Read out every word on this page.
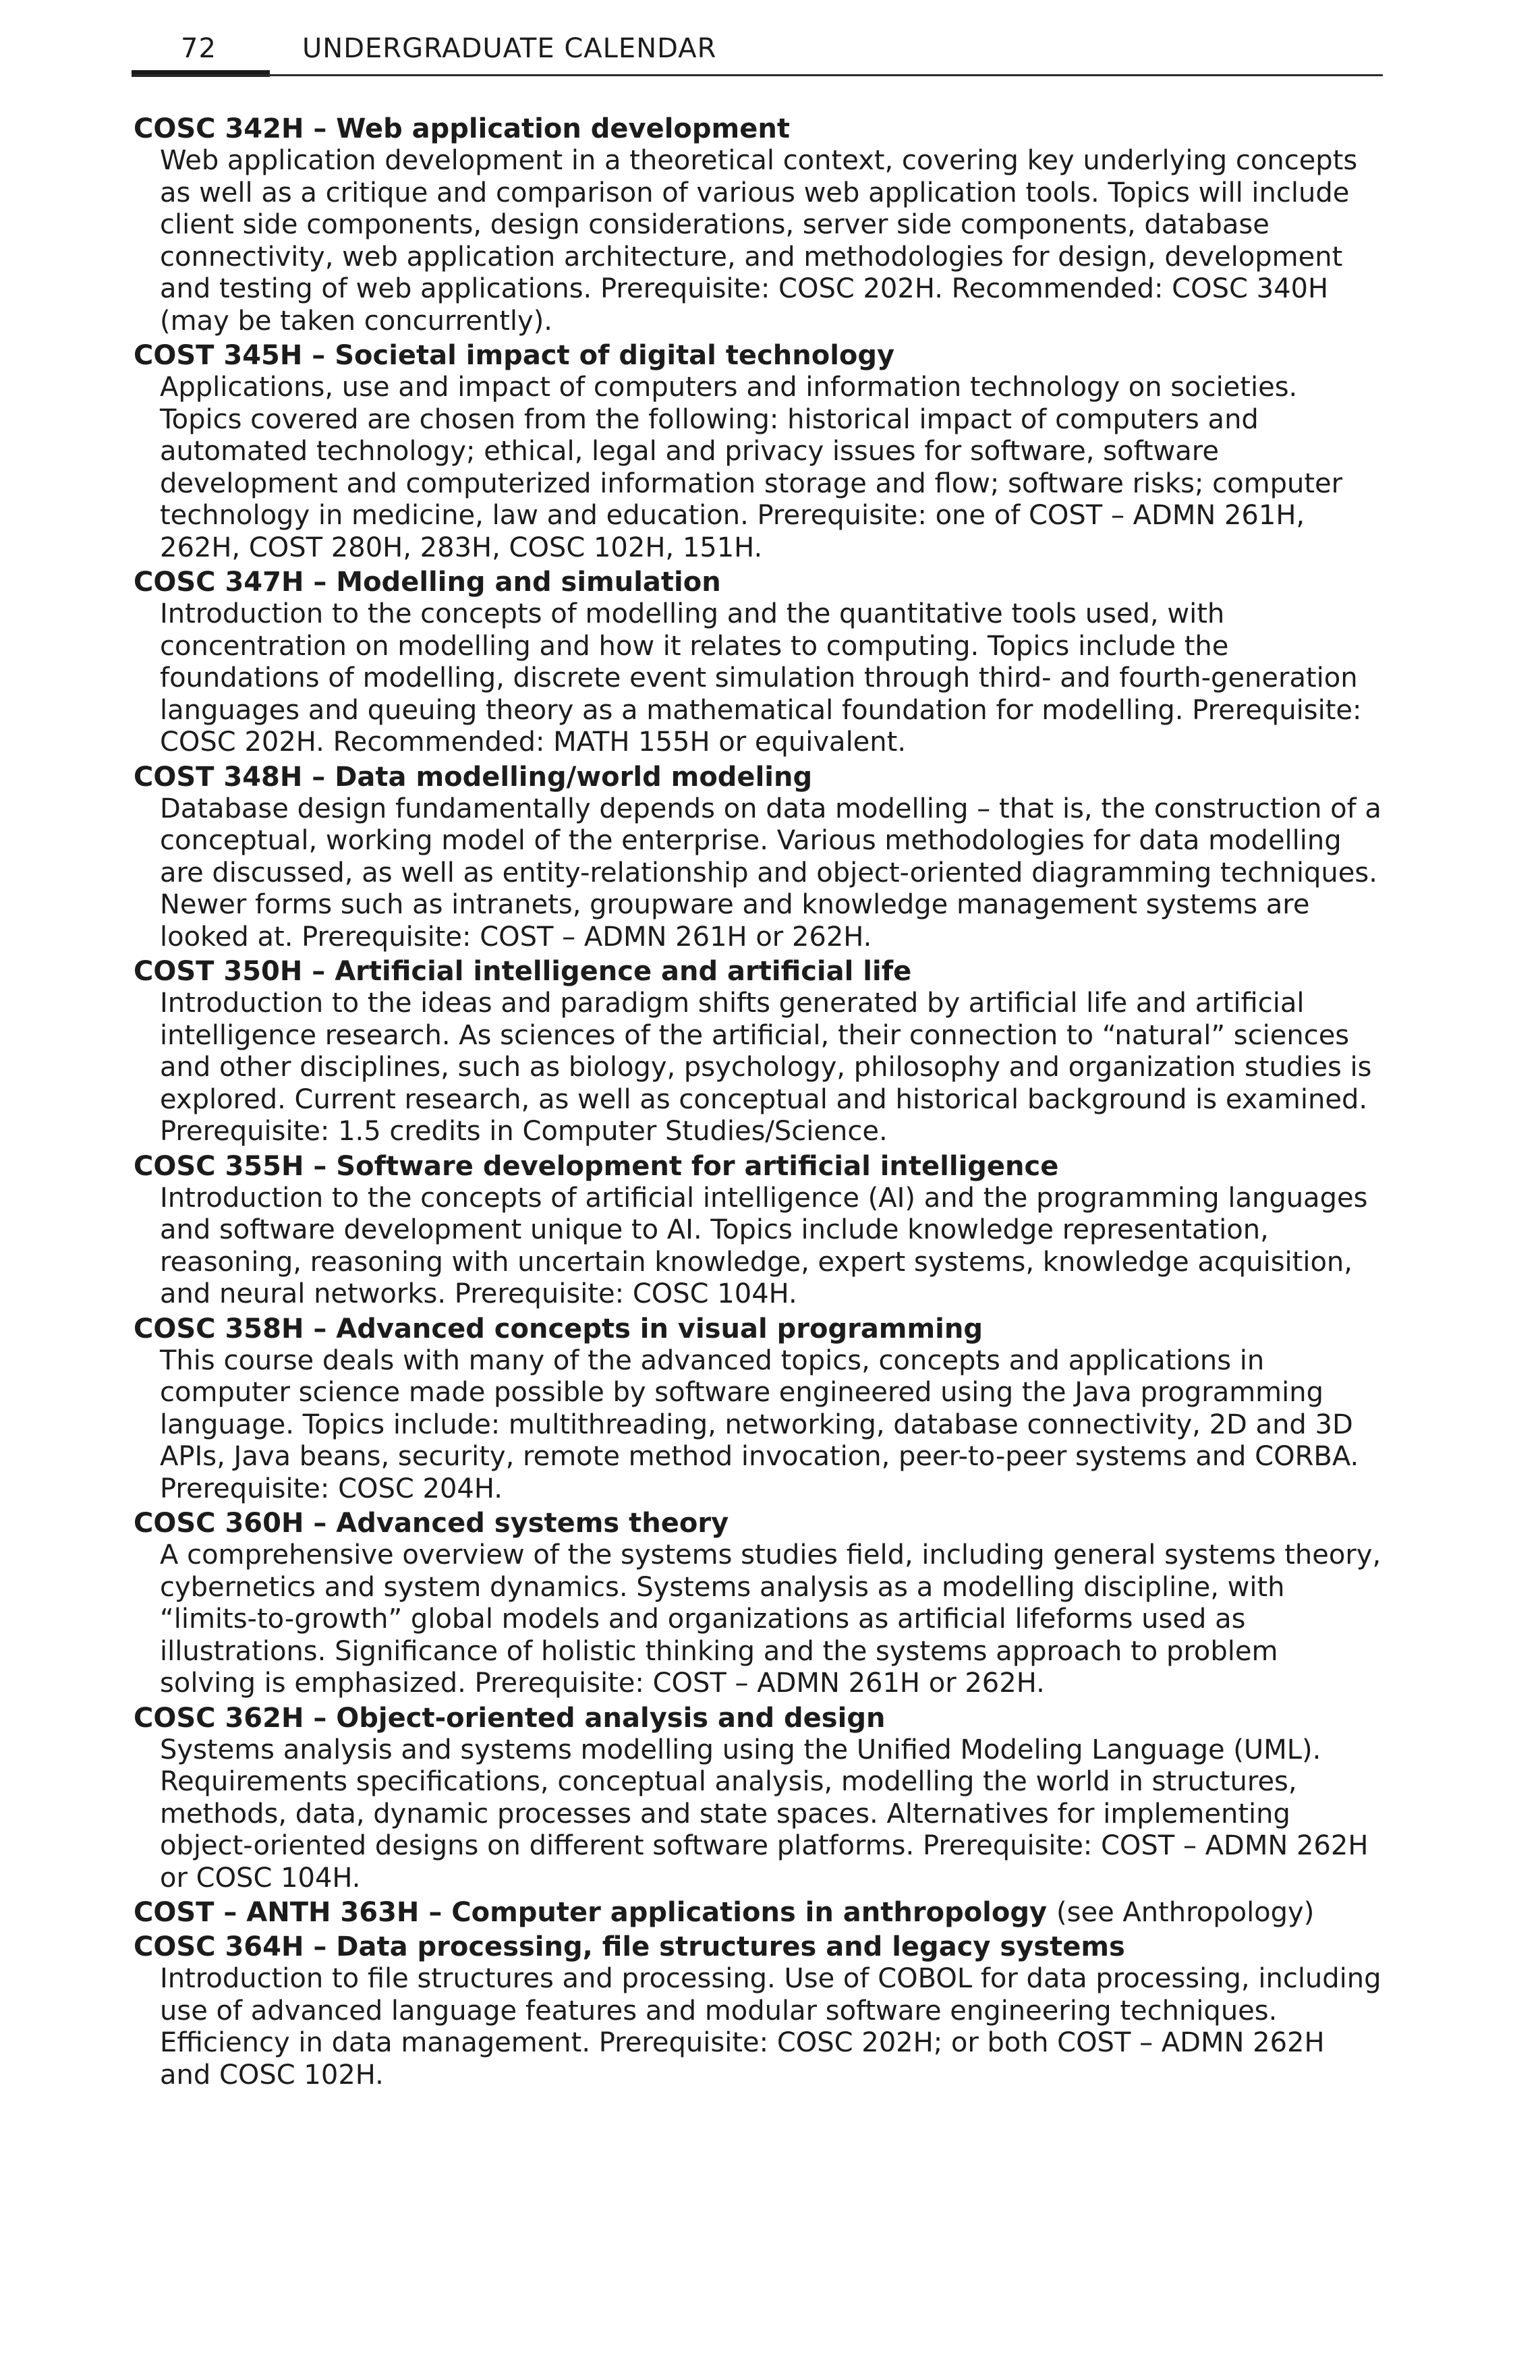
72	UNDERGRADUATE CALENDAR

COSC 342H – Web application development

Web application development in a theoretical context, covering key underlying concepts as well as a critique and comparison of various web application tools. Topics will include client side components, design considerations, server side components, database connectivity, web application architecture, and methodologies for design, development and testing of web applications. Prerequisite: COSC 202H. Recommended: COSC 340H (may be taken concurrently).

COST 345H – Societal impact of digital technology

Applications, use and impact of computers and information technology on societies. Topics covered are chosen from the following: historical impact of computers and automated technology; ethical, legal and privacy issues for software, software development and computerized information storage and flow; software risks; computer technology in medicine, law and education. Prerequisite: one of COST – ADMN 261H, 262H, COST 280H, 283H, COSC 102H, 151H.

COSC 347H – Modelling and simulation

Introduction to the concepts of modelling and the quantitative tools used, with concentration on modelling and how it relates to computing. Topics include the foundations of modelling, discrete event simulation through third- and fourth-generation languages and queuing theory as a mathematical foundation for modelling. Prerequisite: COSC 202H. Recommended: MATH 155H or equivalent.

COST 348H – Data modelling/world modeling

Database design fundamentally depends on data modelling – that is, the construction of a conceptual, working model of the enterprise. Various methodologies for data modelling are discussed, as well as entity-relationship and object-oriented diagramming techniques. Newer forms such as intranets, groupware and knowledge management systems are looked at. Prerequisite: COST – ADMN 261H or 262H.

COST 350H – Artificial intelligence and artificial life

Introduction to the ideas and paradigm shifts generated by artificial life and artificial intelligence research. As sciences of the artificial, their connection to “natural” sciences and other disciplines, such as biology, psychology, philosophy and organization studies is explored. Current research, as well as conceptual and historical background is examined. Prerequisite: 1.5 credits in Computer Studies/Science.

COSC 355H – Software development for artificial intelligence

Introduction to the concepts of artificial intelligence (AI) and the programming languages and software development unique to AI. Topics include knowledge representation, reasoning, reasoning with uncertain knowledge, expert systems, knowledge acquisition, and neural networks. Prerequisite: COSC 104H.

COSC 358H – Advanced concepts in visual programming

This course deals with many of the advanced topics, concepts and applications in computer science made possible by software engineered using the Java programming language. Topics include: multithreading, networking, database connectivity, 2D and 3D APIs, Java beans, security, remote method invocation, peer-to-peer systems and CORBA. Prerequisite: COSC 204H.

COSC 360H – Advanced systems theory

A comprehensive overview of the systems studies field, including general systems theory, cybernetics and system dynamics. Systems analysis as a modelling discipline, with “limits-to-growth” global models and organizations as artificial lifeforms used as illustrations. Significance of holistic thinking and the systems approach to problem solving is emphasized. Prerequisite: COST – ADMN 261H or 262H.

COSC 362H – Object-oriented analysis and design

Systems analysis and systems modelling using the Unified Modeling Language (UML). Requirements specifications, conceptual analysis, modelling the world in structures, methods, data, dynamic processes and state spaces. Alternatives for implementing object-oriented designs on different software platforms. Prerequisite: COST – ADMN 262H or COSC 104H.

COST – ANTH 363H – Computer applications in anthropology (see Anthropology)

COSC 364H – Data processing, file structures and legacy systems

Introduction to file structures and processing. Use of COBOL for data processing, including use of advanced language features and modular software engineering techniques. Efficiency in data management. Prerequisite: COSC 202H; or both COST – ADMN 262H and COSC 102H.
